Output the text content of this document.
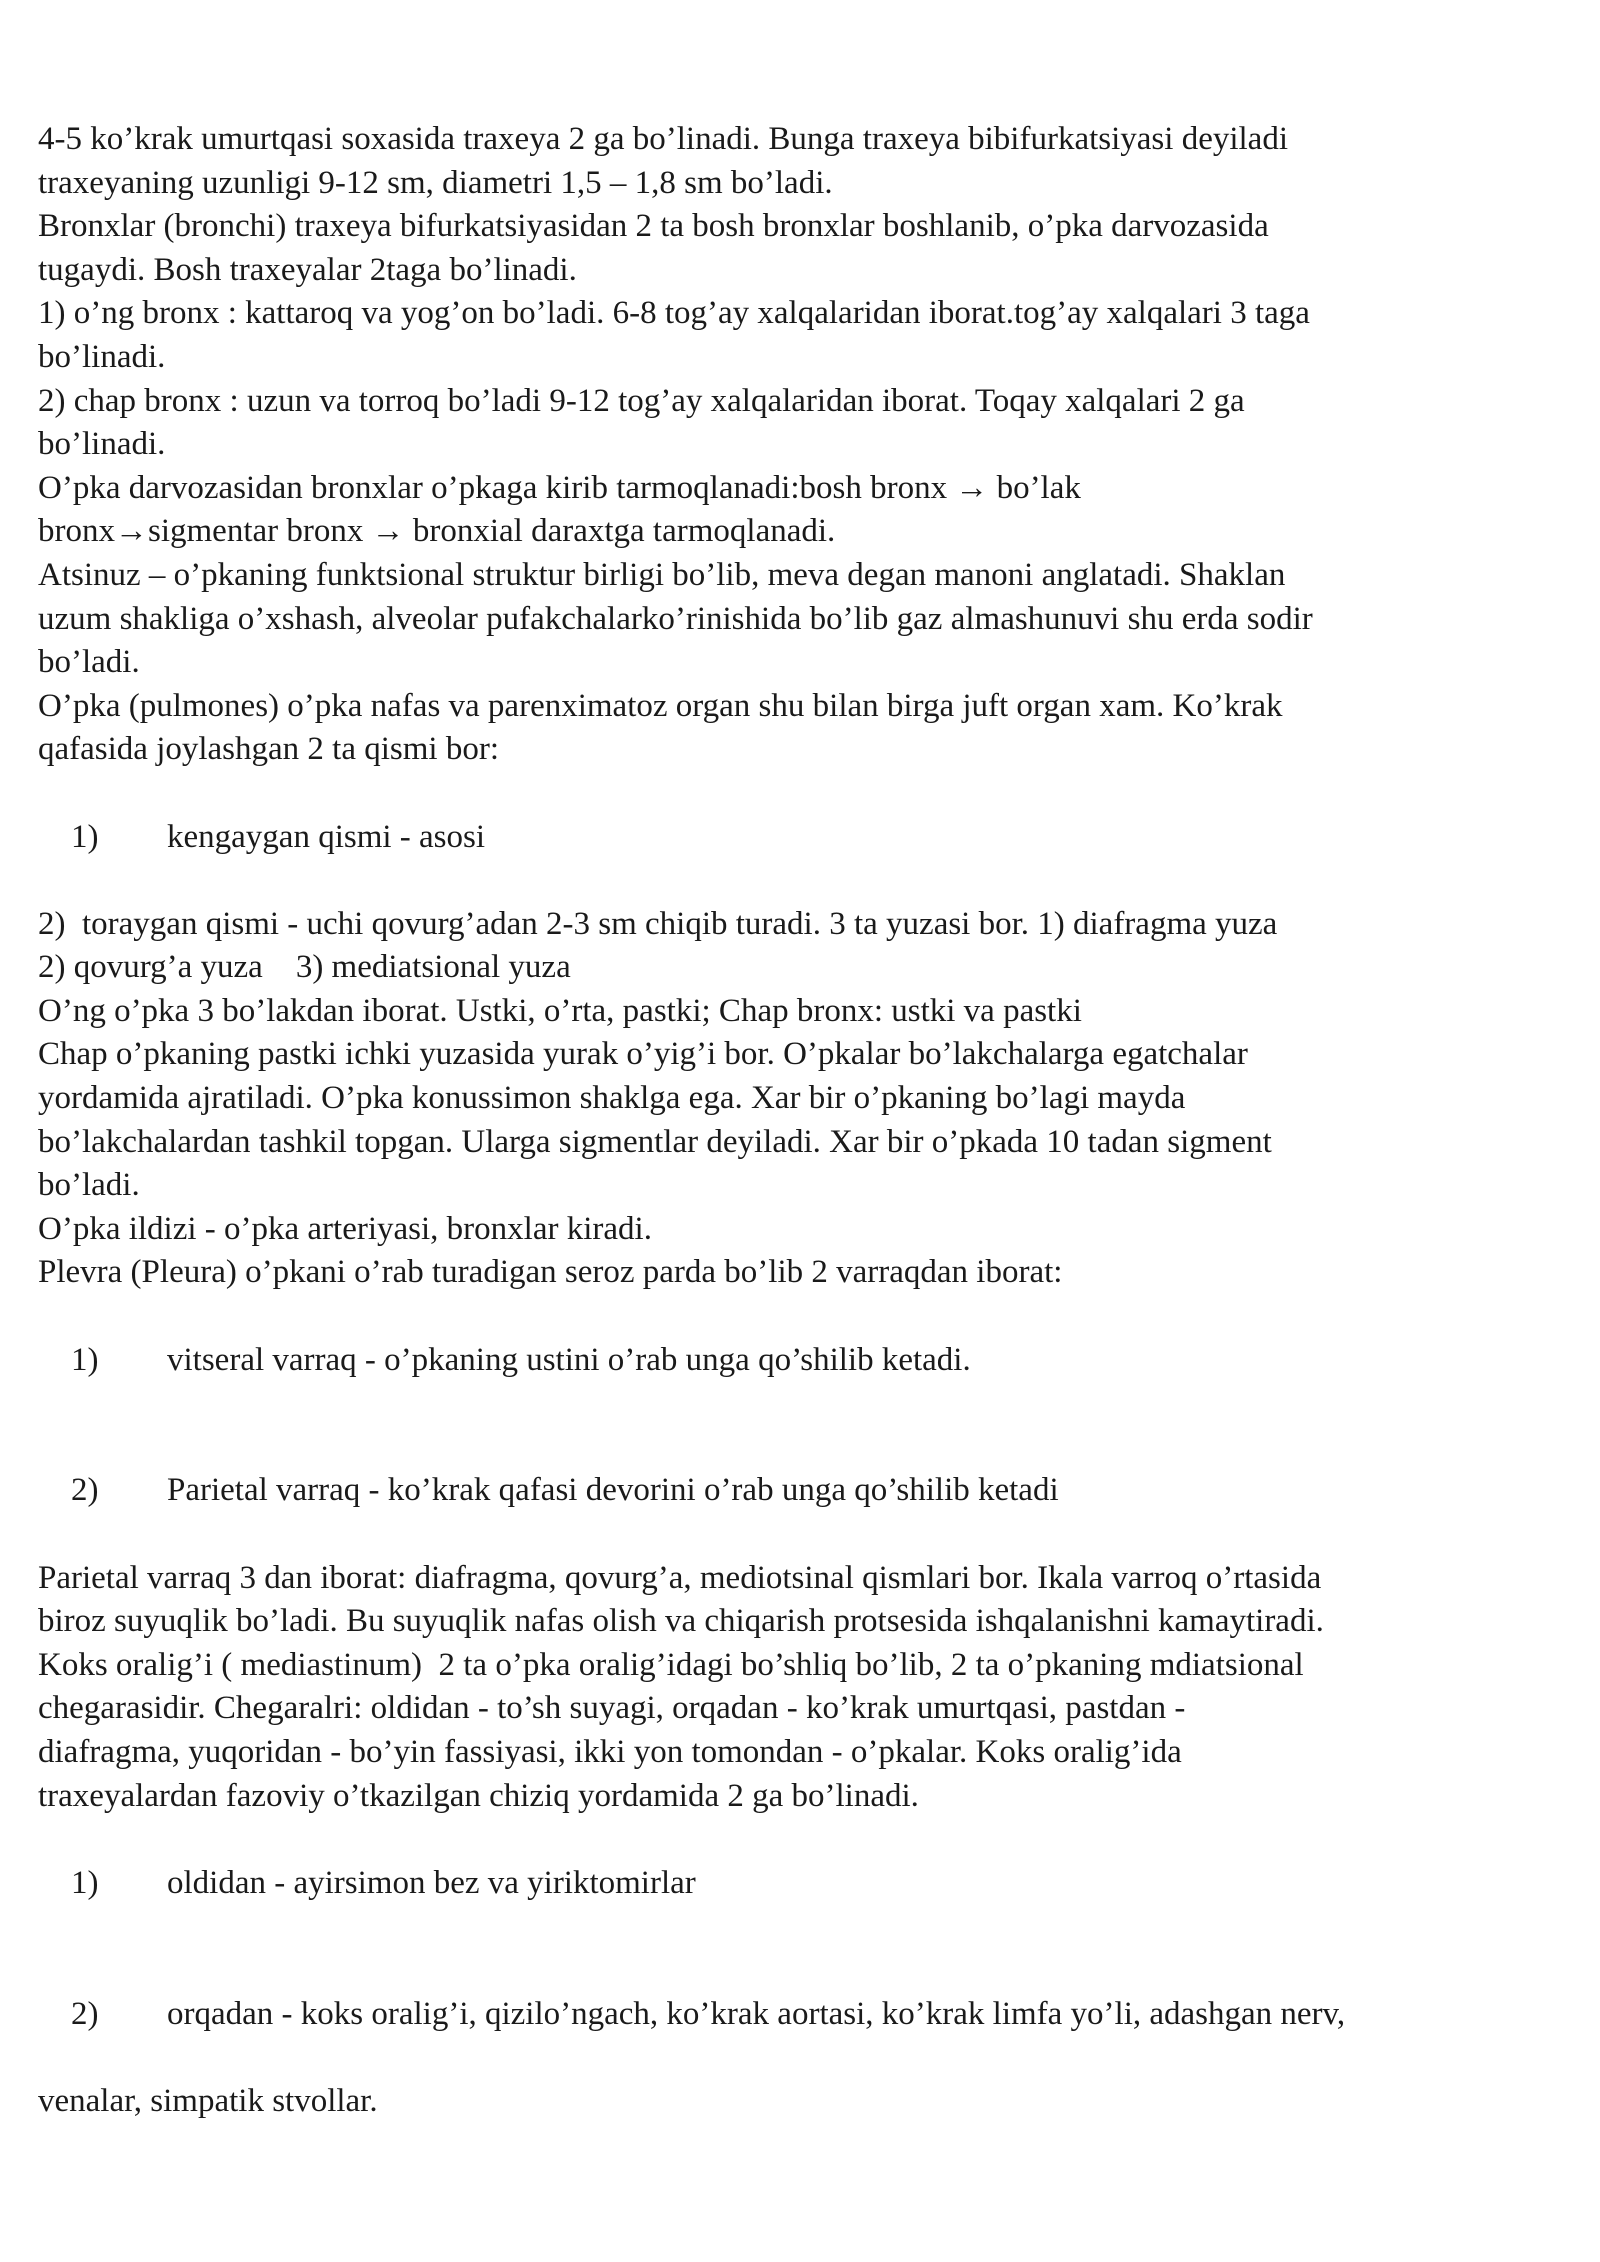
4-5 ko’krak umurtqasi soxasida traxeya 2 ga bo’linadi. Bunga traxeya bibifurkatsiyasi deyiladi
traxeyaning uzunligi 9-12 sm, diametri 1,5 – 1,8 sm bo’ladi.
Bronxlar (bronchi) traxeya bifurkatsiyasidan 2 ta bosh bronxlar boshlanib, o’pka darvozasida
tugaydi. Bosh traxeyalar 2taga bo’linadi.
1) o’ng bronx : kattaroq va yog’on bo’ladi. 6-8 tog’ay xalqalaridan iborat.tog’ay xalqalari 3 taga
bo’linadi.
2) chap bronx : uzun va torroq bo’ladi 9-12 tog’ay xalqalaridan iborat. Toqay xalqalari 2 ga
bo’linadi.
O’pka darvozasidan bronxlar o’pkaga kirib tarmoqlanadi:bosh bronx → bo’lak
bronx→sigmentar bronx → bronxial daraxtga tarmoqlanadi.
Atsinuz – o’pkaning funktsional struktur birligi bo’lib, meva degan manoni anglatadi. Shaklan
uzum shakliga o’xshash, alveolar pufakchalarko’rinishida bo’lib gaz almashunuvi shu erda sodir
bo’ladi.
O’pka (pulmones) o’pka nafas va parenximatoz organ shu bilan birga juft organ xam. Ko’krak
qafasida joylashgan 2 ta qismi bor:

1) kengaygan qismi - asosi

2)  toraygan qismi - uchi qovurg’adan 2-3 sm chiqib turadi. 3 ta yuzasi bor. 1) diafragma yuza
2) qovurg’a yuza    3) mediatsional yuza
O’ng o’pka 3 bo’lakdan iborat. Ustki, o’rta, pastki; Chap bronx: ustki va pastki
Chap o’pkaning pastki ichki yuzasida yurak o’yig’i bor. O’pkalar bo’lakchalarga egatchalar
yordamida ajratiladi. O’pka konussimon shaklga ega. Xar bir o’pkaning bo’lagi mayda
bo’lakchalardan tashkil topgan. Ularga sigmentlar deyiladi. Xar bir o’pkada 10 tadan sigment
bo’ladi.
O’pka ildizi - o’pka arteriyasi, bronxlar kiradi.
Plevra (Pleura) o’pkani o’rab turadigan seroz parda bo’lib 2 varraqdan iborat:

1) vitseral varraq - o’pkaning ustini o’rab unga qo’shilib ketadi.

2) Parietal varraq - ko’krak qafasi devorini o’rab unga qo’shilib ketadi

Parietal varraq 3 dan iborat: diafragma, qovurg’a, mediotsinal qismlari bor. Ikala varroq o’rtasida
biroz suyuqlik bo’ladi. Bu suyuqlik nafas olish va chiqarish protsesida ishqalanishni kamaytiradi.
Koks oralig’i ( mediastinum)  2 ta o’pka oralig’idagi bo’shliq bo’lib, 2 ta o’pkaning mdiatsional
chegarasidir. Chegaralri: oldidan - to’sh suyagi, orqadan - ko’krak umurtqasi, pastdan -
diafragma, yuqoridan - bo’yin fassiyasi, ikki yon tomondan - o’pkalar. Koks oralig’ida
traxeyalardan fazoviy o’tkazilgan chiziq yordamida 2 ga bo’linadi.

1) oldidan - ayirsimon bez va yiriktomirlar

2) orqadan - koks oralig’i, qizilo’ngach, ko’krak aortasi, ko’krak limfa yo’li, adashgan nerv,

venalar, simpatik stvollar.
